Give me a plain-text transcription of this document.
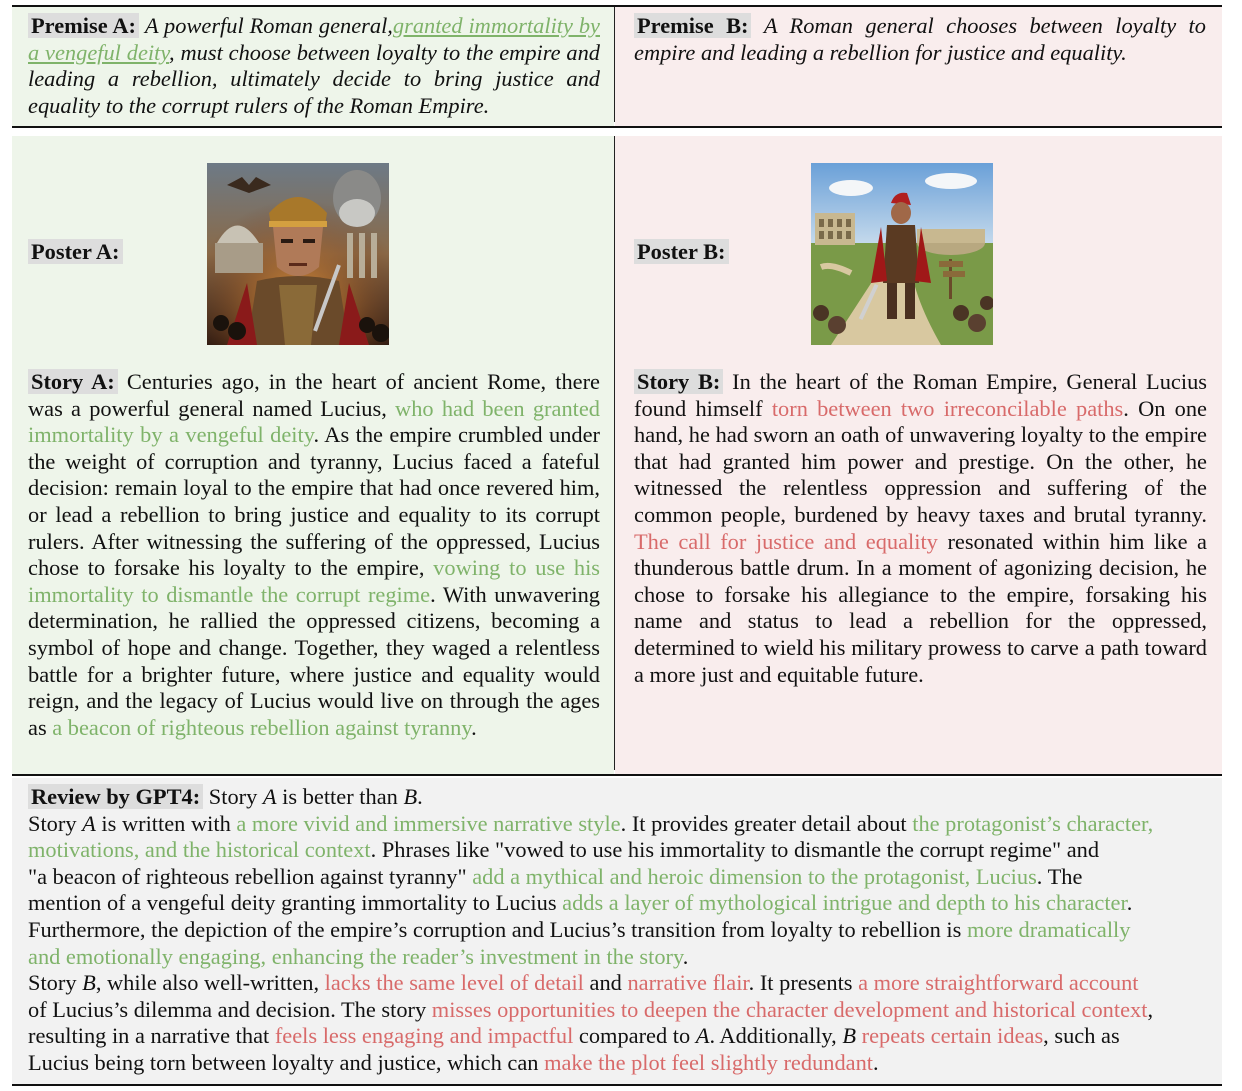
Premise A: A powerful Roman general,granted immortality by a vengeful deity, must choose between loyalty to the empire and leading a rebellion, ultimately decide to bring justice and equality to the corrupt rulers of the Roman Empire.
Premise B: A Roman general chooses between loyalty to empire and leading a rebellion for justice and equality.
Poster A:	Poster B:
Story A: Centuries ago, in the heart of ancient Rome, there was a powerful general named Lucius, who had been granted immortality by a vengeful deity. As the empire crumbled under the weight of corruption and tyranny, Lucius faced a fateful decision: remain loyal to the empire that had once revered him, or lead a rebellion to bring justice and equality to its corrupt rulers. After witnessing the suffering of the oppressed, Lucius chose to forsake his loyalty to the empire, vowing to use his immortality to dismantle the corrupt regime. With unwavering determination, he rallied the oppressed citizens, becoming a symbol of hope and change. Together, they waged a relentless battle for a brighter future, where justice and equality would reign, and the legacy of Lucius would live on through the ages as a beacon of righteous rebellion against tyranny.
Story B: In the heart of the Roman Empire, General Lucius found himself torn between two irreconcilable paths. On one hand, he had sworn an oath of unwavering loyalty to the empire that had granted him power and prestige. On the other, he witnessed the relentless oppression and suffering of the common people, burdened by heavy taxes and brutal tyranny. The call for justice and equality resonated within him like a thunderous battle drum. In a moment of agonizing decision, he chose to forsake his allegiance to the empire, forsaking his name and status to lead a rebellion for the oppressed, determined to wield his military prowess to carve a path toward a more just and equitable future.
Review by GPT4: Story A is better than B.
Story A is written with a more vivid and immersive narrative style. It provides greater detail about the protagonist’s character,
motivations, and the historical context. Phrases like "vowed to use his immortality to dismantle the corrupt regime" and
"a beacon of righteous rebellion against tyranny" add a mythical and heroic dimension to the protagonist, Lucius. The
mention of a vengeful deity granting immortality to Lucius adds a layer of mythological intrigue and depth to his character.
Furthermore, the depiction of the empire’s corruption and Lucius’s transition from loyalty to rebellion is more dramatically
and emotionally engaging, enhancing the reader’s investment in the story.
Story B, while also well-written, lacks the same level of detail and narrative flair. It presents a more straightforward account
of Lucius’s dilemma and decision. The story misses opportunities to deepen the character development and historical context,
resulting in a narrative that feels less engaging and impactful compared to A. Additionally, B repeats certain ideas, such as
Lucius being torn between loyalty and justice, which can make the plot feel slightly redundant.
